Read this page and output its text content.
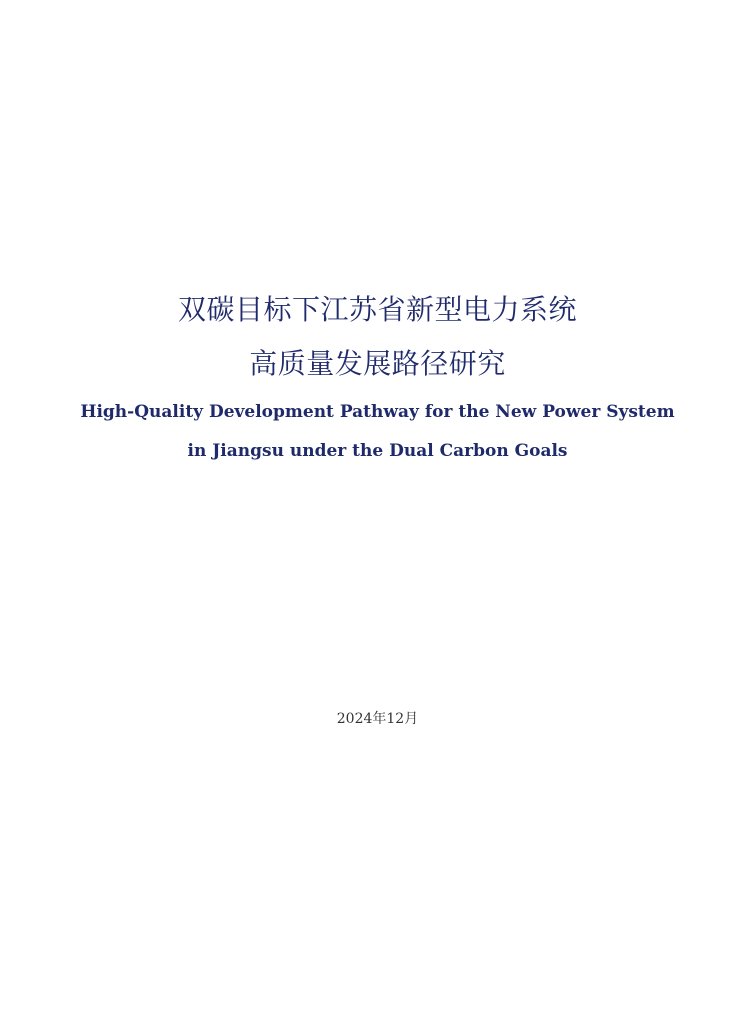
双碳目标下江苏省新型电力系统
高质量发展路径研究
High-Quality Development Pathway for the New Power System
in Jiangsu under the Dual Carbon Goals
2024年12月
